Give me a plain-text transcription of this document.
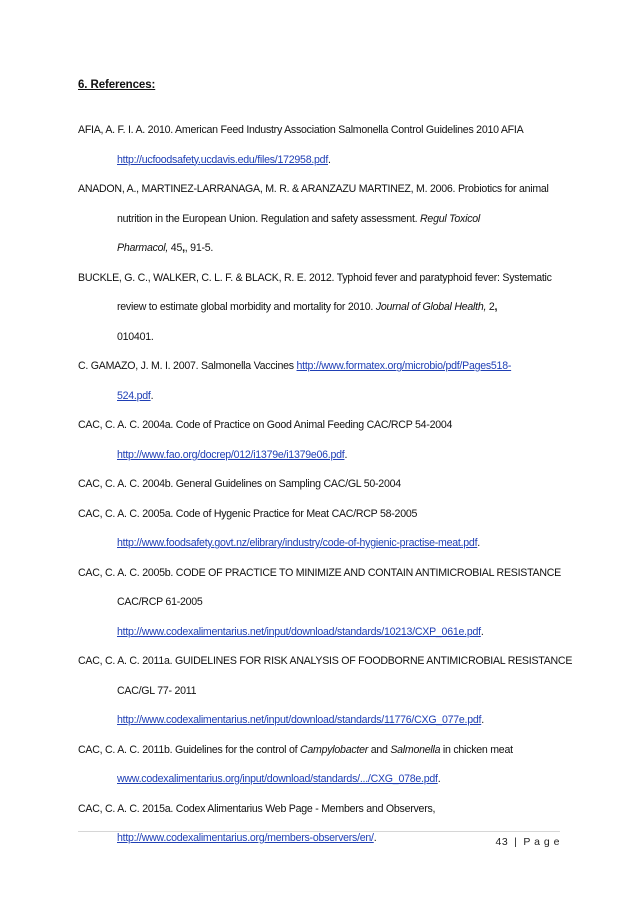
6. References:
AFIA, A. F. I. A. 2010. American Feed Industry Association Salmonella Control Guidelines 2010 AFIA
http://ucfoodsafety.ucdavis.edu/files/172958.pdf.
ANADON, A., MARTINEZ-LARRANAGA, M. R. & ARANZAZU MARTINEZ, M. 2006. Probiotics for animal
nutrition in the European Union. Regulation and safety assessment. Regul Toxicol
Pharmacol, 45,, 91-5.
BUCKLE, G. C., WALKER, C. L. F. & BLACK, R. E. 2012. Typhoid fever and paratyphoid fever: Systematic
review to estimate global morbidity and mortality for 2010. Journal of Global Health, 2,
010401.
C. GAMAZO, J. M. I. 2007. Salmonella Vaccines http://www.formatex.org/microbio/pdf/Pages518-
524.pdf.
CAC, C. A. C. 2004a. Code of Practice on Good Animal Feeding CAC/RCP 54-2004
http://www.fao.org/docrep/012/i1379e/i1379e06.pdf.
CAC, C. A. C. 2004b. General Guidelines on Sampling CAC/GL 50-2004
CAC, C. A. C. 2005a. Code of Hygenic Practice for Meat CAC/RCP 58-2005
http://www.foodsafety.govt.nz/elibrary/industry/code-of-hygienic-practise-meat.pdf.
CAC, C. A. C. 2005b. CODE OF PRACTICE TO MINIMIZE AND CONTAIN ANTIMICROBIAL RESISTANCE
CAC/RCP 61-2005
http://www.codexalimentarius.net/input/download/standards/10213/CXP_061e.pdf.
CAC, C. A. C. 2011a. GUIDELINES FOR RISK ANALYSIS OF FOODBORNE ANTIMICROBIAL RESISTANCE
CAC/GL 77- 2011
http://www.codexalimentarius.net/input/download/standards/11776/CXG_077e.pdf.
CAC, C. A. C. 2011b. Guidelines for the control of Campylobacter and Salmonella in chicken meat
www.codexalimentarius.org/input/download/standards/.../CXG_078e.pdf.
CAC, C. A. C. 2015a. Codex Alimentarius Web Page - Members and Observers,
http://www.codexalimentarius.org/members-observers/en/.	43 | P a g e
